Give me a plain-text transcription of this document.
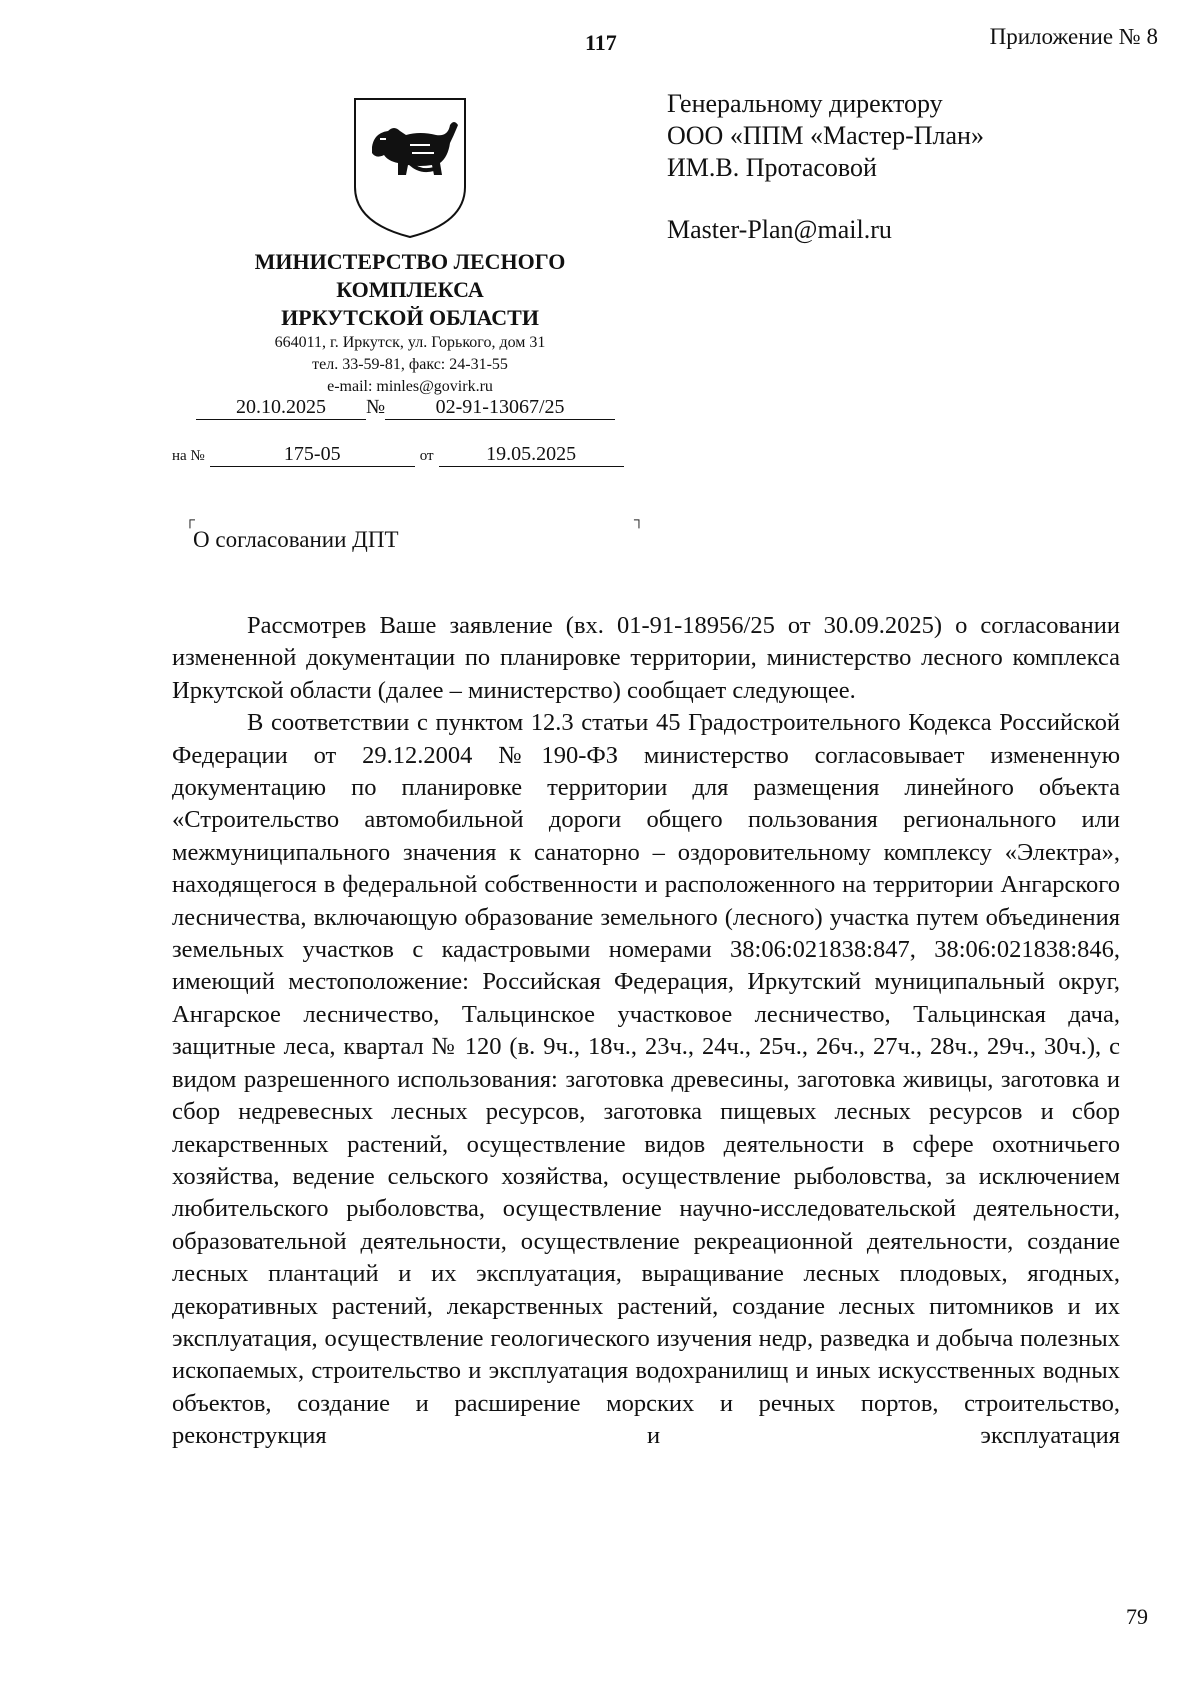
117	Приложение № 8
Генеральному директору
ООО «ППМ «Мастер-План»
ИМ.В. Протасовой
Master-Plan@mail.ru
МИНИСТЕРСТВО ЛЕСНОГО
КОМПЛЕКСА
ИРКУТСКОЙ ОБЛАСТИ
664011, г. Иркутск, ул. Горького, дом 31
тел. 33-59-81, факс: 24-31-55
e-mail: minles@govirk.ru
20.10.2025 №	02-91-13067/25
на №	175-05	от	19.05.2025
┌	┐
О согласовании ДПТ

Рассмотрев Ваше заявление (вх. 01-91-18956/25 от 30.09.2025) о согласовании измененной документации по планировке территории, министерство лесного комплекса Иркутской области (далее – министерство) сообщает следующее.

В соответствии с пунктом 12.3 статьи 45 Градостроительного Кодекса Российской Федерации от 29.12.2004 №190-ФЗ министерство согласовывает измененную документацию по планировке территории для размещения линейного объекта «Строительство автомобильной дороги общего пользования регионального или межмуниципального значения к санаторно – оздоровительному комплексу «Электра», находящегося в федеральной собственности и расположенного на территории Ангарского лесничества, включающую образование земельного (лесного) участка путем объединения земельных участков с кадастровыми номерами 38:06:021838:847, 38:06:021838:846, имеющий местоположение: Российская Федерация, Иркутский муниципальный округ, Ангарское лесничество, Тальцинское участковое лесничество, Тальцинская дача, защитные леса, квартал № 120 (в. 9ч., 18ч., 23ч., 24ч., 25ч., 26ч., 27ч., 28ч., 29ч., 30ч.), с видом разрешенного использования: заготовка древесины, заготовка живицы, заготовка и сбор недревесных лесных ресурсов, заготовка пищевых лесных ресурсов и сбор лекарственных растений, осуществление видов деятельности в сфере охотничьего хозяйства, ведение сельского хозяйства, осуществление рыболовства, за исключением любительского рыболовства, осуществление научно-исследовательской деятельности, образовательной деятельности, осуществление рекреационной деятельности, создание лесных плантаций и их эксплуатация, выращивание лесных плодовых, ягодных, декоративных растений, лекарственных растений, создание лесных питомников и их эксплуатация, осуществление геологического изучения недр, разведка и добыча полезных ископаемых, строительство и эксплуатация водохранилищ и иных искусственных водных объектов, создание и расширение морских и речных портов, строительство, реконструкция и эксплуатация

79
